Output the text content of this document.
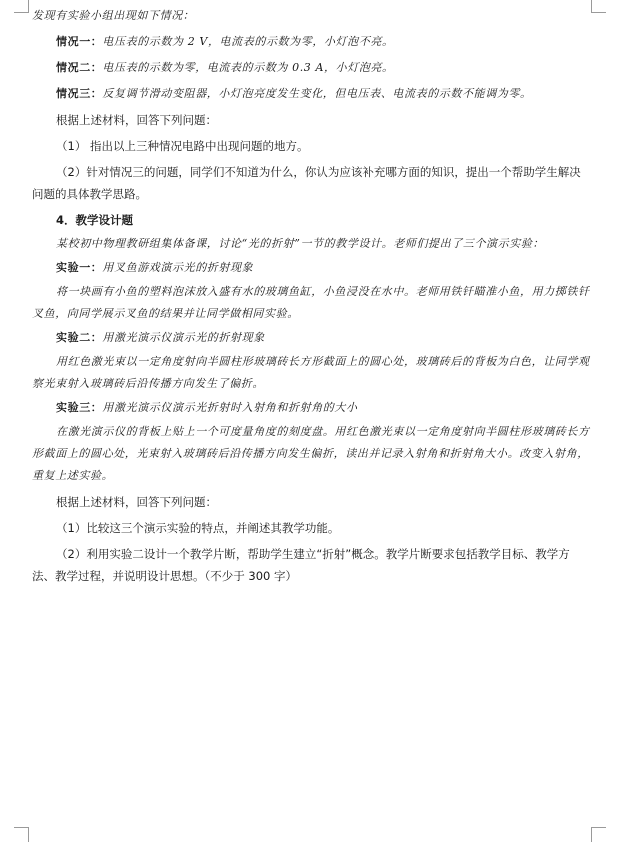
发现有实验小组出现如下情况：

情况一：电压表的示数为 2 V，电流表的示数为零，小灯泡不亮。

情况二：电压表的示数为零，电流表的示数为 0.3 A，小灯泡亮。

情况三：反复调节滑动变阻器，小灯泡亮度发生变化，但电压表、电流表的示数不能调为零。

根据上述材料，回答下列问题：

（1） 指出以上三种情况电路中出现问题的地方。

（2）针对情况三的问题，同学们不知道为什么，你认为应该补充哪方面的知识，提出一个帮助学生解决问题的具体教学思路。

4．教学设计题

某校初中物理教研组集体备课，讨论“光的折射”一节的教学设计。老师们提出了三个演示实验：

实验一：用叉鱼游戏演示光的折射现象

将一块画有小鱼的塑料泡沫放入盛有水的玻璃鱼缸，小鱼浸没在水中。老师用铁钎瞄准小鱼，用力掷铁钎叉鱼，向同学展示叉鱼的结果并让同学做相同实验。

实验二：用激光演示仪演示光的折射现象

用红色激光束以一定角度射向半圆柱形玻璃砖长方形截面上的圆心处，玻璃砖后的背板为白色，让同学观察光束射入玻璃砖后沿传播方向发生了偏折。

实验三：用激光演示仪演示光折射时入射角和折射角的大小

在激光演示仪的背板上贴上一个可度量角度的刻度盘。用红色激光束以一定角度射向半圆柱形玻璃砖长方形截面上的圆心处，光束射入玻璃砖后沿传播方向发生偏折，读出并记录入射角和折射角大小。改变入射角，重复上述实验。

根据上述材料，回答下列问题：

（1）比较这三个演示实验的特点，并阐述其教学功能。

（2）利用实验二设计一个教学片断，帮助学生建立“折射”概念。教学片断要求包括教学目标、教学方法、教学过程，并说明设计思想。（不少于 300 字）
